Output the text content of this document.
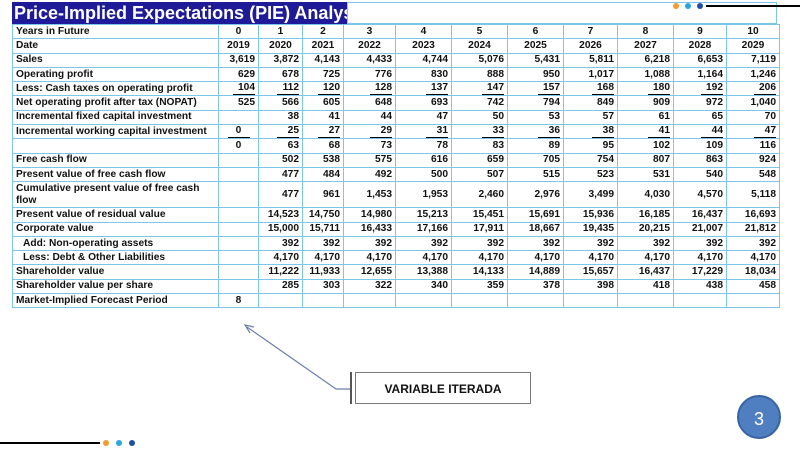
Price-Implied Expectations (PIE) Analysis
Years in Future	0	1	2	3	4	5	6	7	8	9	10
Date	2019	2020	2021	2022	2023	2024	2025	2026	2027	2028	2029
Sales	3,619	3,872	4,143	4,433	4,744	5,076	5,431	5,811	6,218	6,653	7,119
Operating profit	629	678	725	776	830	888	950	1,017	1,088	1,164	1,246
Less: Cash taxes on operating profit	104	112	120	128	137	147	157	168	180	192	206
Net operating profit after tax (NOPAT)	525	566	605	648	693	742	794	849	909	972	1,040
Incremental fixed capital investment		38	41	44	47	50	53	57	61	65	70
Incremental working capital investment	0	25	27	29	31	33	36	38	41	44	47
	0	63	68	73	78	83	89	95	102	109	116
Free cash flow		502	538	575	616	659	705	754	807	863	924
Present value of free cash flow		477	484	492	500	507	515	523	531	540	548
Cumulative present value of free cash flow		477	961	1,453	1,953	2,460	2,976	3,499	4,030	4,570	5,118
Present value of residual value		14,523	14,750	14,980	15,213	15,451	15,691	15,936	16,185	16,437	16,693
Corporate value		15,000	15,711	16,433	17,166	17,911	18,667	19,435	20,215	21,007	21,812
Add: Non-operating assets		392	392	392	392	392	392	392	392	392	392
Less: Debt & Other Liabilities		4,170	4,170	4,170	4,170	4,170	4,170	4,170	4,170	4,170	4,170
Shareholder value		11,222	11,933	12,655	13,388	14,133	14,889	15,657	16,437	17,229	18,034
Shareholder value per share		285	303	322	340	359	378	398	418	438	458
Market-Implied Forecast Period	8										
VARIABLE ITERADA
3
